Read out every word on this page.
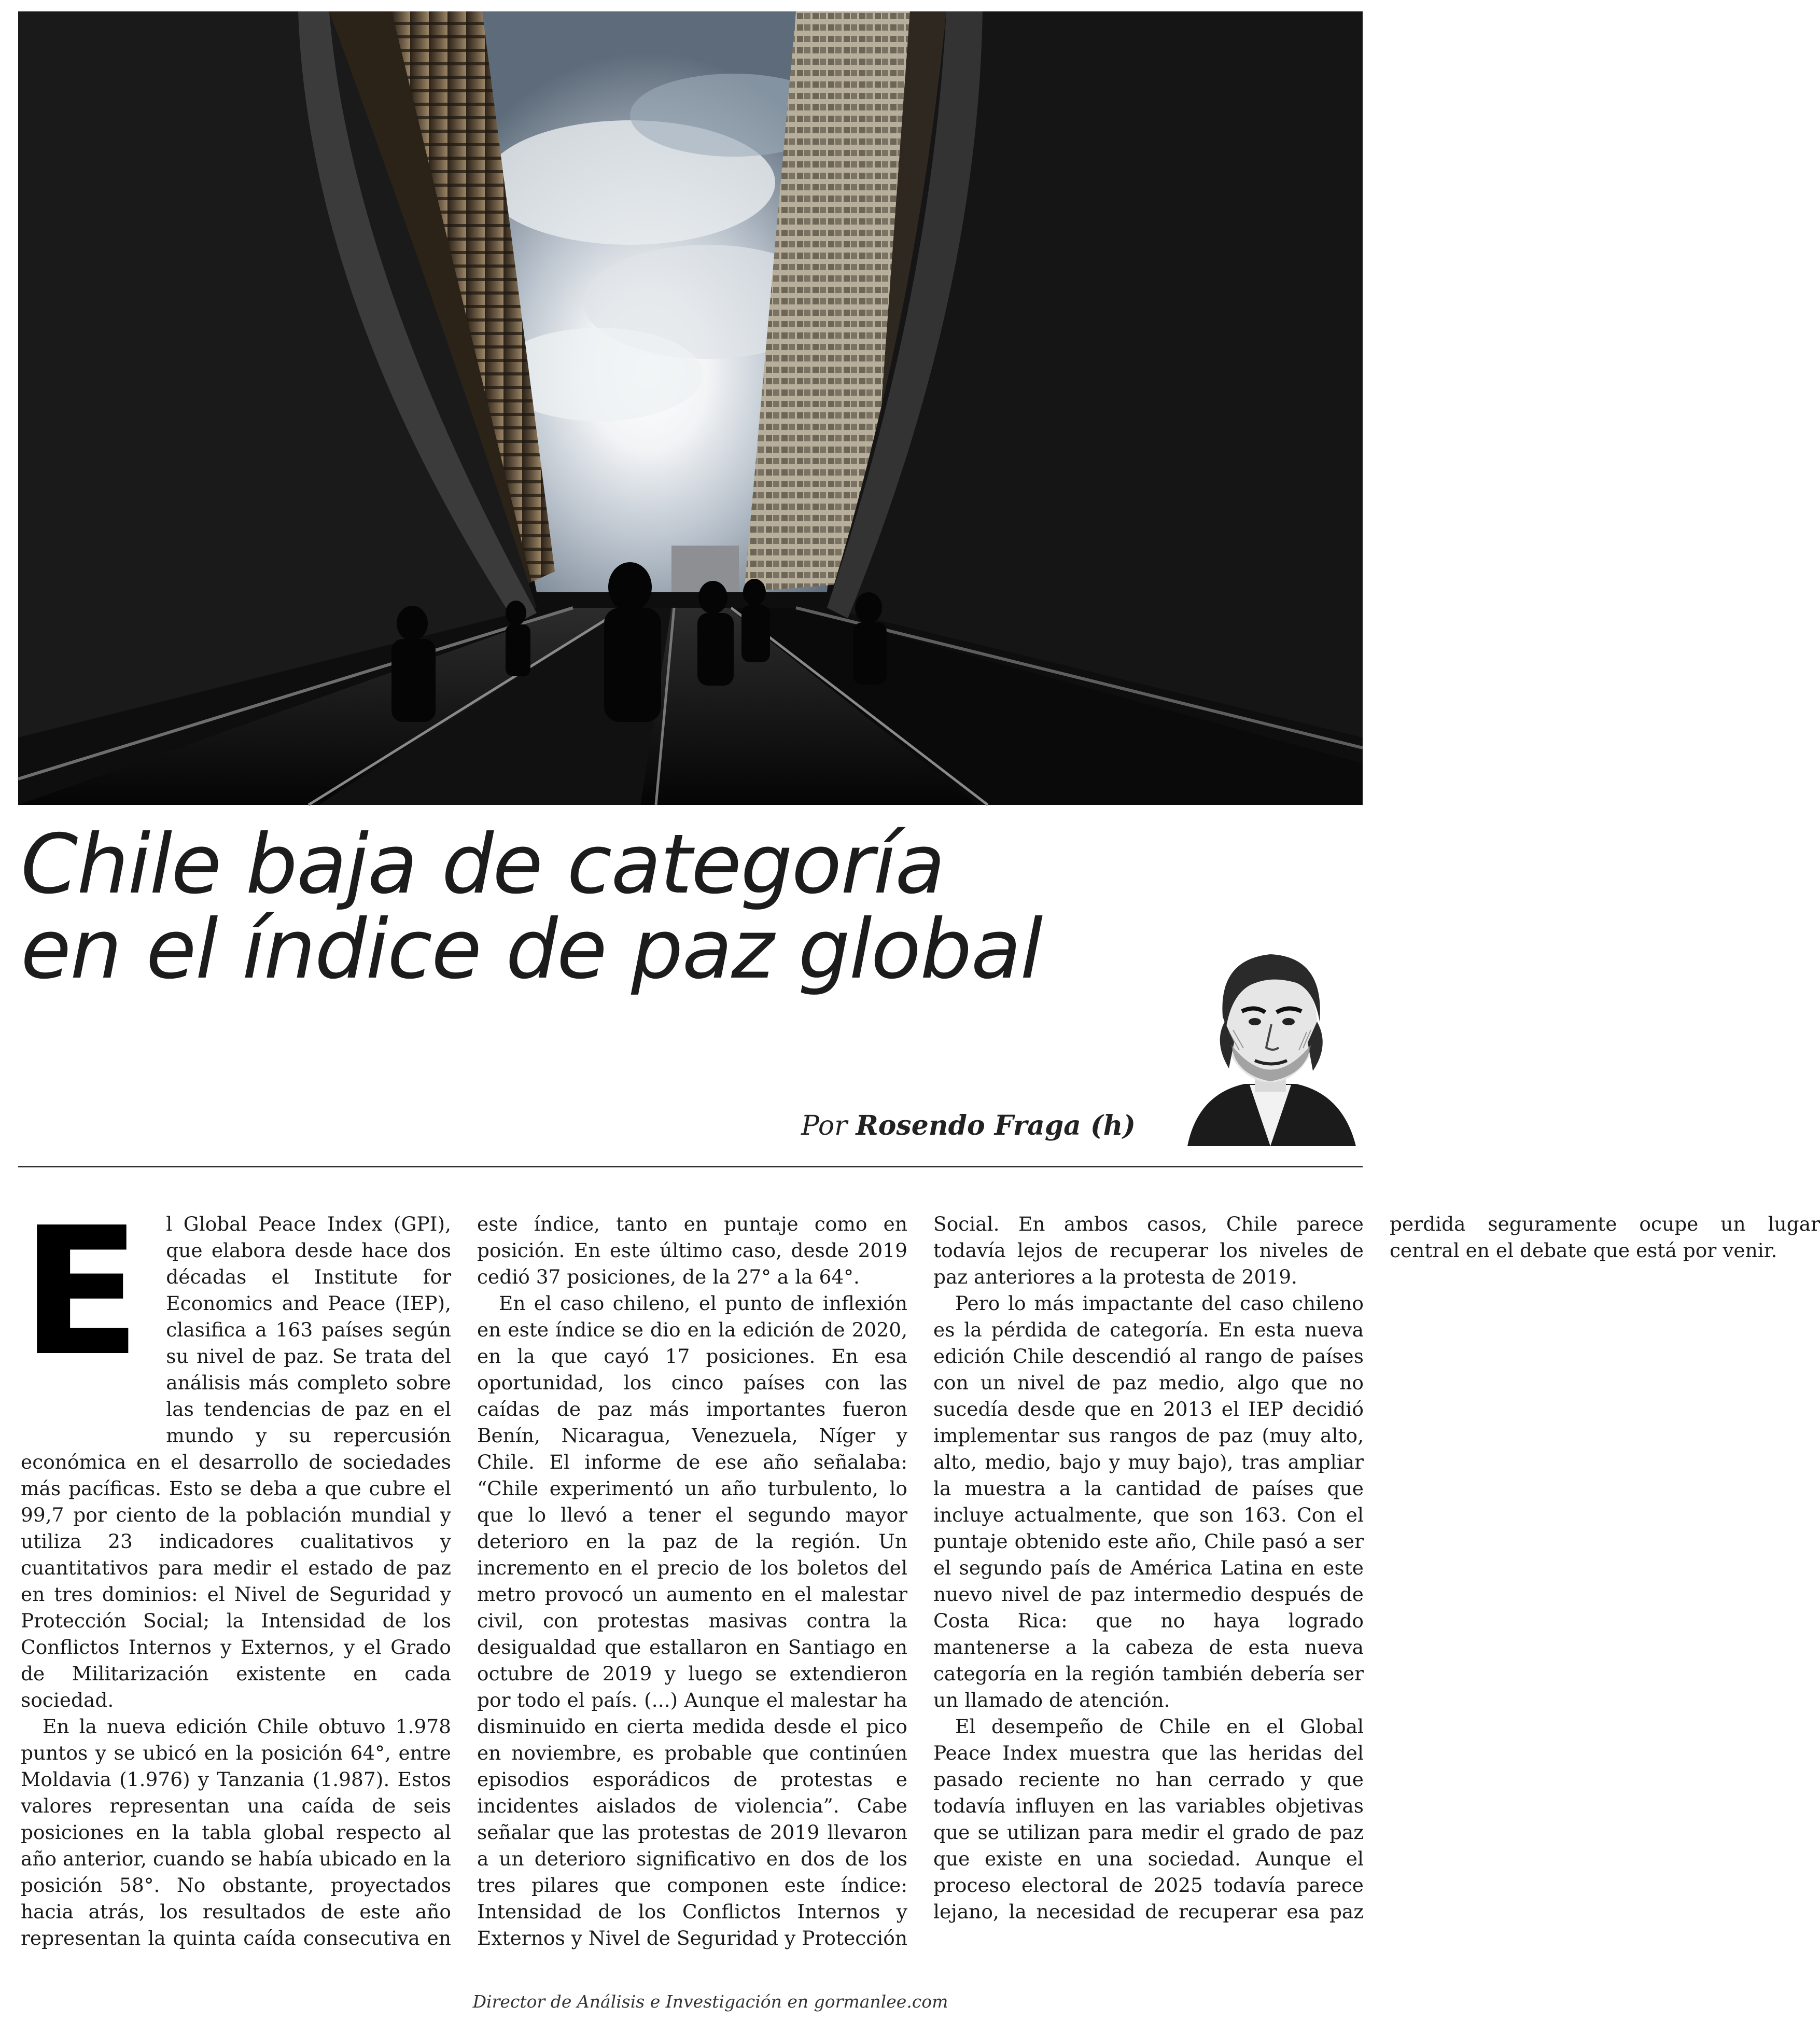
Chile baja de categoría
en el índice de paz global
Por Rosendo Fraga (h)

E l Global Peace Index (GPI), que elabora desde hace dos décadas el Institute for Economics and Peace (IEP), clasifica a 163 países según su nivel de paz. Se trata del análisis más completo sobre las tendencias de paz en el mundo y su repercusión económica en el desarrollo de sociedades más pacíficas. Esto se deba a que cubre el 99,7 por ciento de la población mundial y utiliza 23 indicadores cualitativos y cuantitativos para medir el estado de paz en tres dominios: el Nivel de Seguridad y Protección Social; la Intensidad de los Conflictos Internos y Externos, y el Grado de Militarización existente en cada sociedad.

En la nueva edición Chile obtuvo 1.978 puntos y se ubicó en la posición 64°, entre Moldavia (1.976) y Tanzania (1.987). Estos valores representan una caída de seis posiciones en la tabla global respecto al año anterior, cuando se había ubicado en la posición 58°. No obstante, proyectados hacia atrás, los resultados de este año representan la quinta caída consecutiva en este índice, tanto en puntaje como en posición. En este último caso, desde 2019 cedió 37 posiciones, de la 27° a la 64°.

En el caso chileno, el punto de inflexión en este índice se dio en la edición de 2020, en la que cayó 17 posiciones. En esa oportunidad, los cinco países con las caídas de paz más importantes fueron Benín, Nicaragua, Venezuela, Níger y Chile. El informe de ese año señalaba: “Chile experimentó un año turbulento, lo que lo llevó a tener el segundo mayor deterioro en la paz de la región. Un incremento en el precio de los boletos del metro provocó un aumento en el malestar civil, con protestas masivas contra la desigualdad que estallaron en Santiago en octubre de 2019 y luego se extendieron por todo el país. (...) Aunque el malestar ha disminuido en cierta medida desde el pico en noviembre, es probable que continúen episodios esporádicos de protestas e incidentes aislados de violencia”. Cabe señalar que las protestas de 2019 llevaron a un deterioro significativo en dos de los tres pilares que componen este índice: Intensidad de los Conflictos Internos y Externos y Nivel de Seguridad y Protección Social. En ambos casos, Chile parece todavía lejos de recuperar los niveles de paz anteriores a la protesta de 2019.

Pero lo más impactante del caso chileno es la pérdida de categoría. En esta nueva edición Chile descendió al rango de países con un nivel de paz medio, algo que no sucedía desde que en 2013 el IEP decidió implementar sus rangos de paz (muy alto, alto, medio, bajo y muy bajo), tras ampliar la muestra a la cantidad de países que incluye actualmente, que son 163. Con el puntaje obtenido este año, Chile pasó a ser el segundo país de América Latina en este nuevo nivel de paz intermedio después de Costa Rica: que no haya logrado mantenerse a la cabeza de esta nueva categoría en la región también debería ser un llamado de atención.

El desempeño de Chile en el Global Peace Index muestra que las heridas del pasado reciente no han cerrado y que todavía influyen en las variables objetivas que se utilizan para medir el grado de paz que existe en una sociedad. Aunque el proceso electoral de 2025 todavía parece lejano, la necesidad de recuperar esa paz perdida seguramente ocupe un lugar central en el debate que está por venir.

Director de Análisis e Investigación en gormanlee.com
